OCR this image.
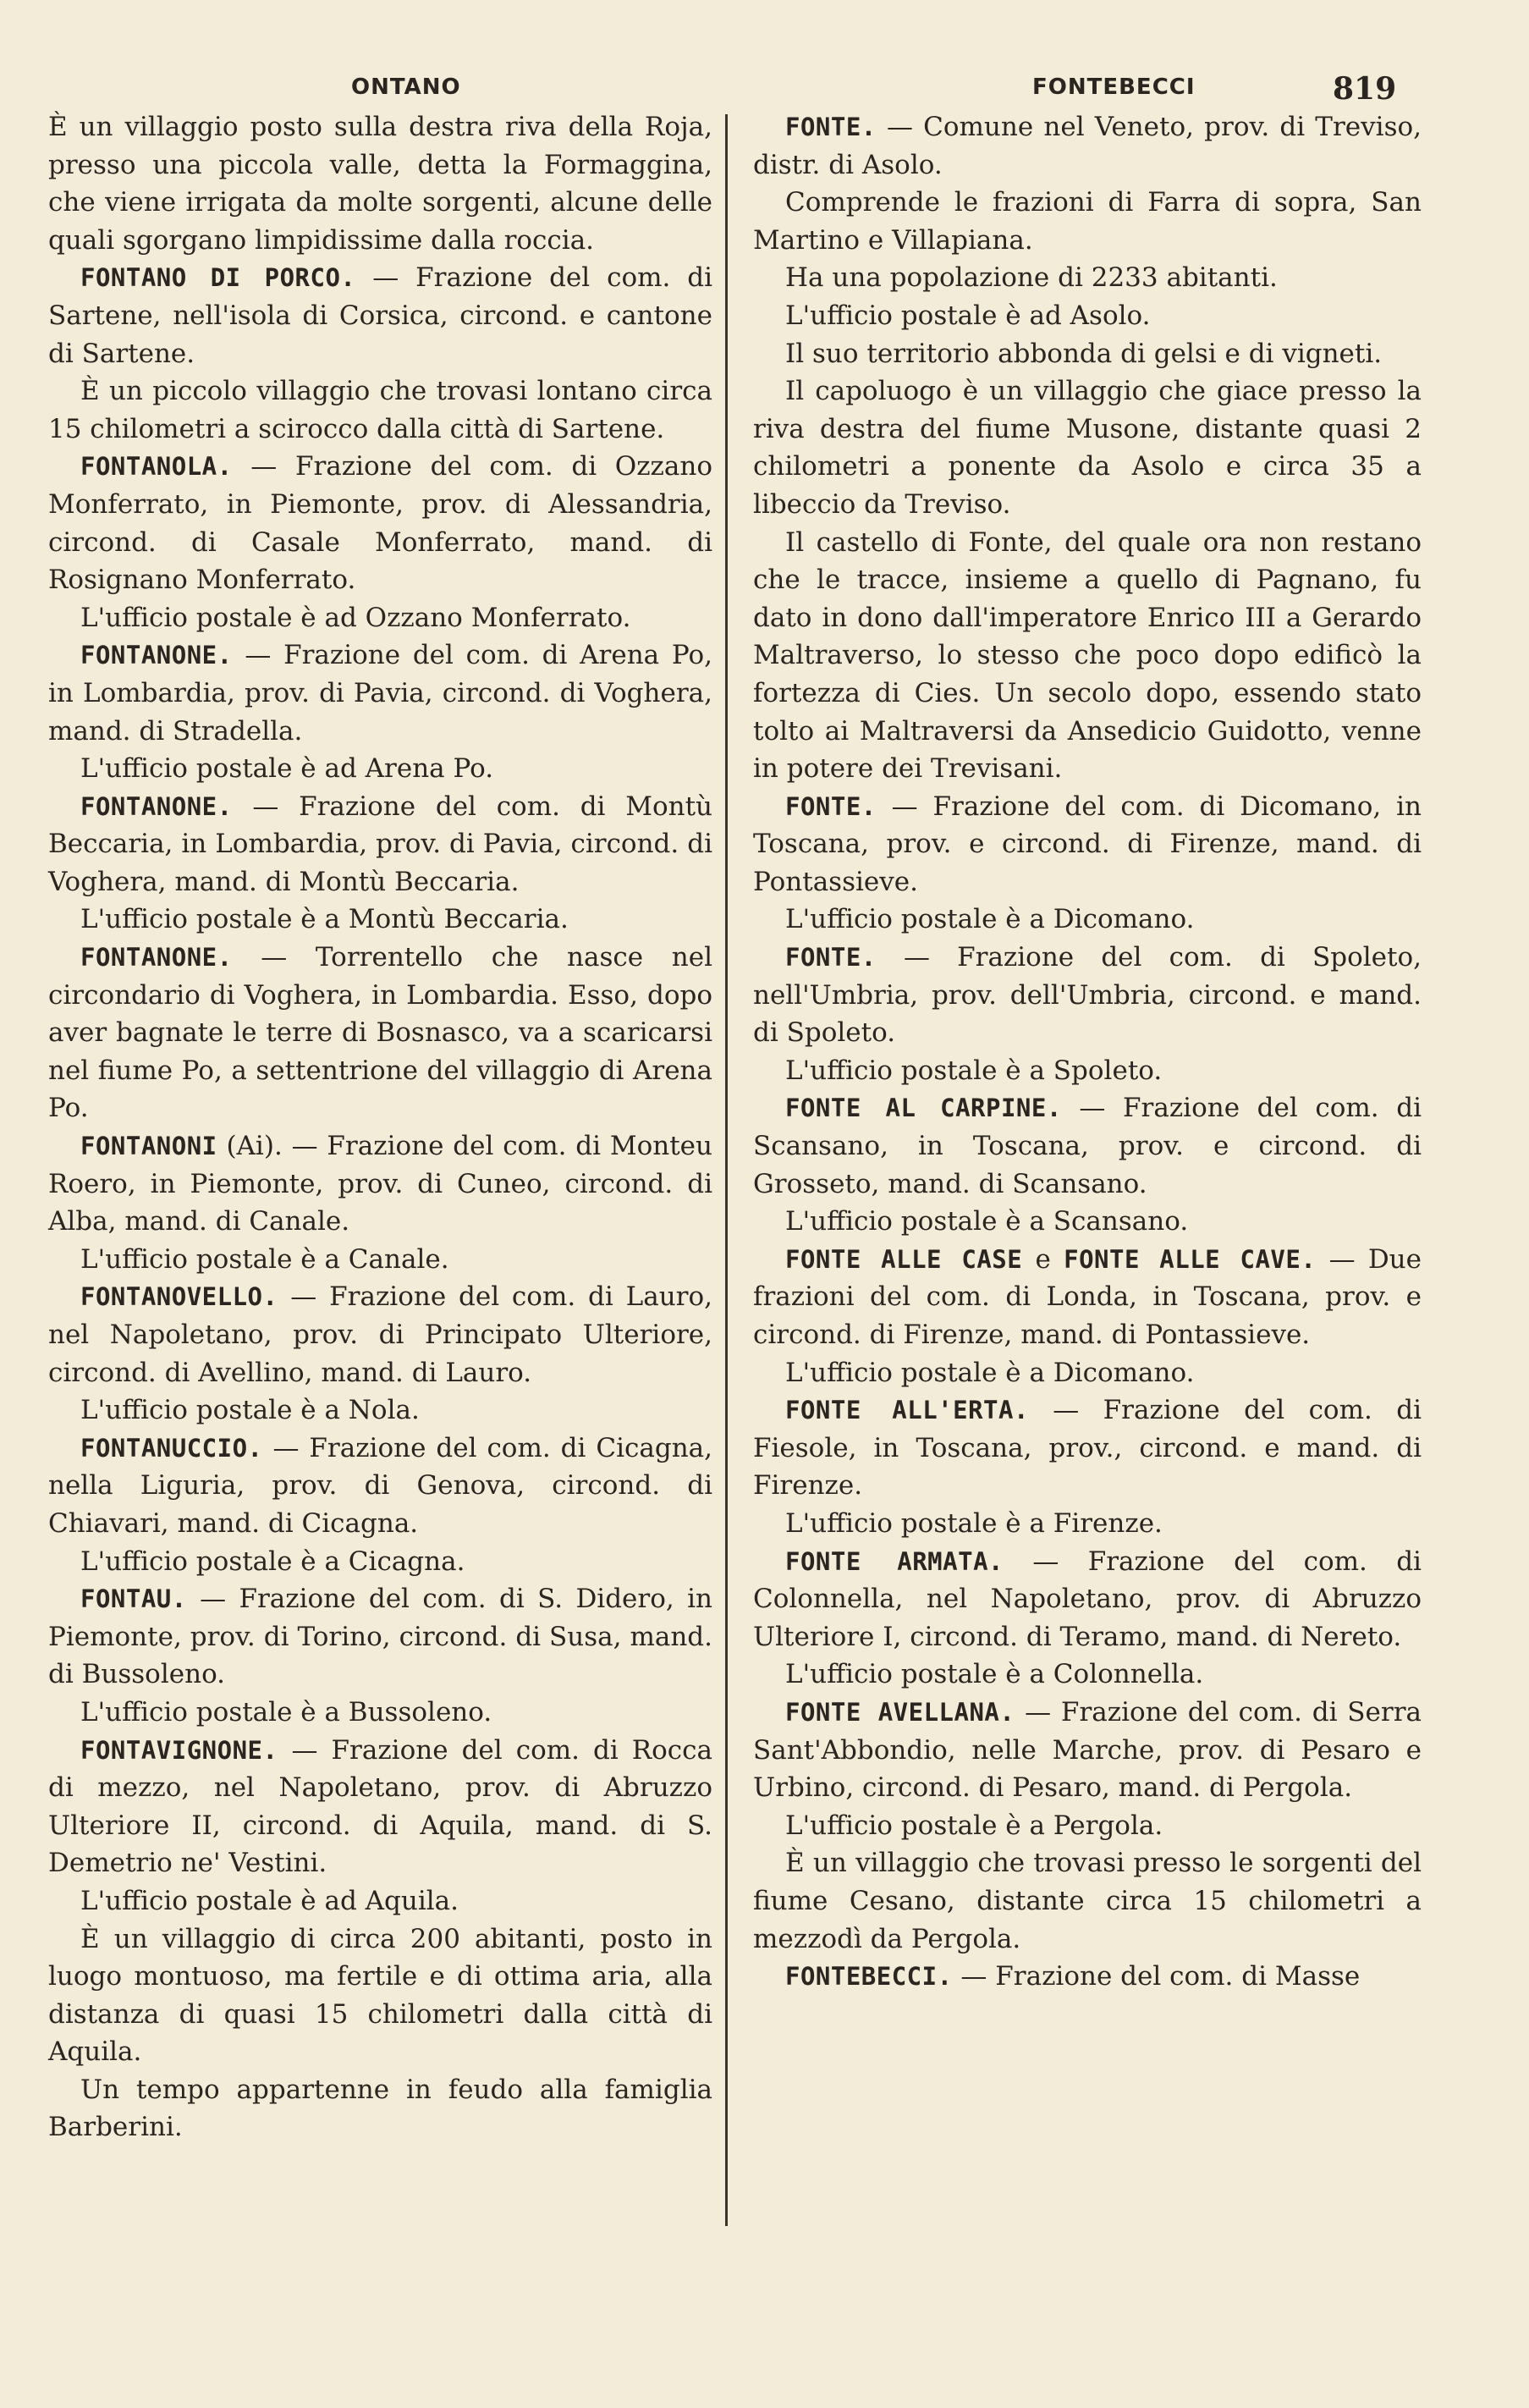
ONTANO	FONTEBECCI	819

È un villaggio posto sulla destra riva della Roja, presso una piccola valle, detta la Formaggina, che viene irrigata da molte sorgenti, alcune delle quali sgorgano limpidissime dalla roccia.

FONTANO DI PORCO. — Frazione del com. di Sartene, nell'isola di Corsica, circond. e cantone di Sartene.

È un piccolo villaggio che trovasi lontano circa 15 chilometri a scirocco dalla città di Sartene.

FONTANOLA. — Frazione del com. di Ozzano Monferrato, in Piemonte, prov. di Alessandria, circond. di Casale Monferrato, mand. di Rosignano Monferrato.

L'ufficio postale è ad Ozzano Monferrato.

FONTANONE. — Frazione del com. di Arena Po, in Lombardia, prov. di Pavia, circond. di Voghera, mand. di Stradella.

L'ufficio postale è ad Arena Po.

FONTANONE. — Frazione del com. di Montù Beccaria, in Lombardia, prov. di Pavia, circond. di Voghera, mand. di Montù Beccaria.

L'ufficio postale è a Montù Beccaria.

FONTANONE. — Torrentello che nasce nel circondario di Voghera, in Lombardia. Esso, dopo aver bagnate le terre di Bosnasco, va a scaricarsi nel fiume Po, a settentrione del villaggio di Arena Po.

FONTANONI (Ai). — Frazione del com. di Monteu Roero, in Piemonte, prov. di Cuneo, circond. di Alba, mand. di Canale.

L'ufficio postale è a Canale.

FONTANOVELLO. — Frazione del com. di Lauro, nel Napoletano, prov. di Principato Ulteriore, circond. di Avellino, mand. di Lauro.

L'ufficio postale è a Nola.

FONTANUCCIO. — Frazione del com. di Cicagna, nella Liguria, prov. di Genova, circond. di Chiavari, mand. di Cicagna.

L'ufficio postale è a Cicagna.

FONTAU. — Frazione del com. di S. Didero, in Piemonte, prov. di Torino, circond. di Susa, mand. di Bussoleno.

L'ufficio postale è a Bussoleno.

FONTAVIGNONE. — Frazione del com. di Rocca di mezzo, nel Napoletano, prov. di Abruzzo Ulteriore II, circond. di Aquila, mand. di S. Demetrio ne' Vestini.

L'ufficio postale è ad Aquila.

È un villaggio di circa 200 abitanti, posto in luogo montuoso, ma fertile e di ottima aria, alla distanza di quasi 15 chilometri dalla città di Aquila.

Un tempo appartenne in feudo alla famiglia Barberini.

FONTE. — Comune nel Veneto, prov. di Treviso, distr. di Asolo.

Comprende le frazioni di Farra di sopra, San Martino e Villapiana.

Ha una popolazione di 2233 abitanti.

L'ufficio postale è ad Asolo.

Il suo territorio abbonda di gelsi e di vigneti.

Il capoluogo è un villaggio che giace presso la riva destra del fiume Musone, distante quasi 2 chilometri a ponente da Asolo e circa 35 a libeccio da Treviso.

Il castello di Fonte, del quale ora non restano che le tracce, insieme a quello di Pagnano, fu dato in dono dall'imperatore Enrico III a Gerardo Maltraverso, lo stesso che poco dopo edificò la fortezza di Cies. Un secolo dopo, essendo stato tolto ai Maltraversi da Ansedicio Guidotto, venne in potere dei Trevisani.

FONTE. — Frazione del com. di Dicomano, in Toscana, prov. e circond. di Firenze, mand. di Pontassieve.

L'ufficio postale è a Dicomano.

FONTE. — Frazione del com. di Spoleto, nell'Umbria, prov. dell'Umbria, circond. e mand. di Spoleto.

L'ufficio postale è a Spoleto.

FONTE AL CARPINE. — Frazione del com. di Scansano, in Toscana, prov. e circond. di Grosseto, mand. di Scansano.

L'ufficio postale è a Scansano.

FONTE ALLE CASE e FONTE ALLE CAVE. — Due frazioni del com. di Londa, in Toscana, prov. e circond. di Firenze, mand. di Pontassieve.

L'ufficio postale è a Dicomano.

FONTE ALL'ERTA. — Frazione del com. di Fiesole, in Toscana, prov., circond. e mand. di Firenze.

L'ufficio postale è a Firenze.

FONTE ARMATA. — Frazione del com. di Colonnella, nel Napoletano, prov. di Abruzzo Ulteriore I, circond. di Teramo, mand. di Nereto.

L'ufficio postale è a Colonnella.

FONTE AVELLANA. — Frazione del com. di Serra Sant'Abbondio, nelle Marche, prov. di Pesaro e Urbino, circond. di Pesaro, mand. di Pergola.

L'ufficio postale è a Pergola.

È un villaggio che trovasi presso le sorgenti del fiume Cesano, distante circa 15 chilometri a mezzodì da Pergola.

FONTEBECCI. — Frazione del com. di Masse
